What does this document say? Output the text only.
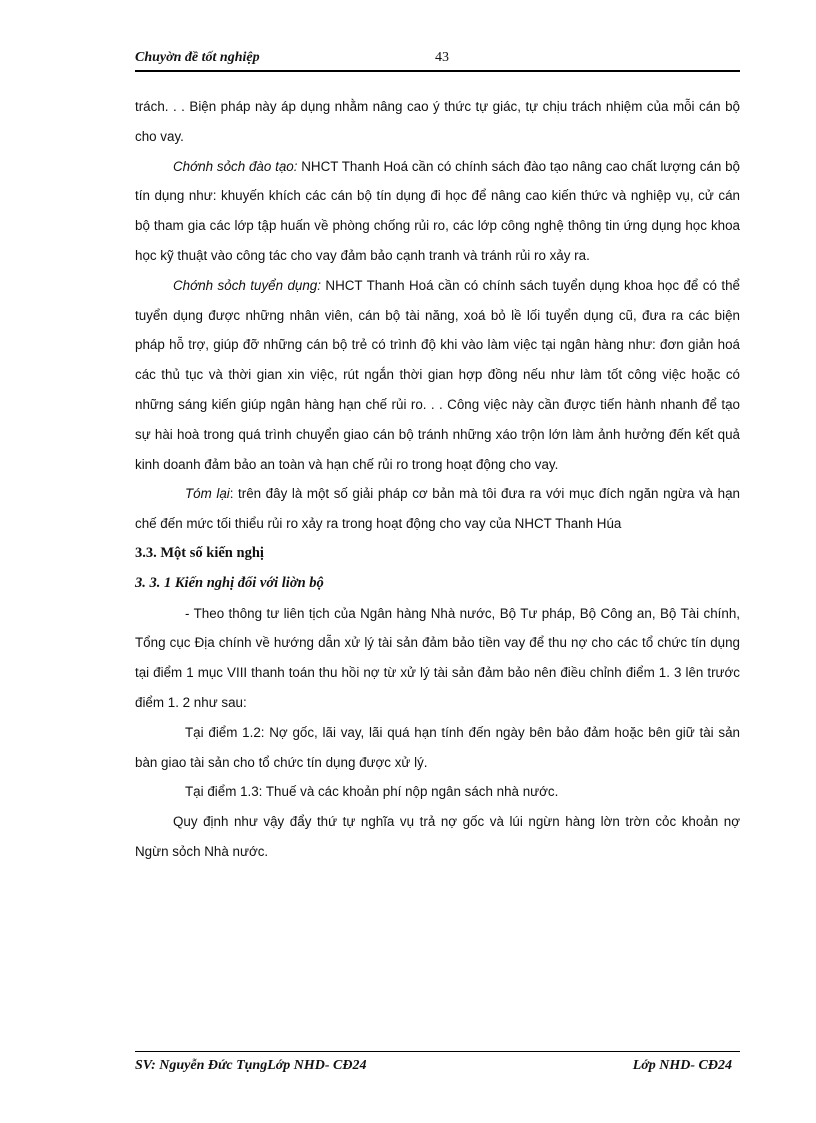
Chuyờn đề tốt nghiệp	43

trách. . . Biện pháp này áp dụng nhằm nâng cao ý thức tự giác, tự chịu trách nhiệm của mỗi cán bộ cho vay.

Chớnh sỏch đào tạo: NHCT Thanh Hoá cần có chính sách đào tạo nâng cao chất lượng cán bộ tín dụng như: khuyến khích các cán bộ tín dụng đi học để nâng cao kiến thức và nghiệp vụ, cử cán bộ tham gia các lớp tập huấn về phòng chống rủi ro, các lớp công nghệ thông tin ứng dụng học khoa học kỹ thuật vào công tác cho vay đảm bảo cạnh tranh và tránh rủi ro xảy ra.

Chớnh sỏch tuyển dụng: NHCT Thanh Hoá cần có chính sách tuyển dụng khoa học để có thể tuyển dụng được những nhân viên, cán bộ tài năng, xoá bỏ lề lối tuyển dụng cũ, đưa ra các biện pháp hỗ trợ, giúp đỡ những cán bộ trẻ có trình độ khi vào làm việc tại ngân hàng như: đơn giản hoá các thủ tục và thời gian xin việc, rút ngắn thời gian hợp đồng nếu như làm tốt công việc hoặc có những sáng kiến giúp ngân hàng hạn chế rủi ro. . . Công việc này cần được tiến hành nhanh để tạo sự hài hoà trong quá trình chuyển giao cán bộ tránh những xáo trộn lớn làm ảnh hưởng đến kết quả kinh doanh đảm bảo an toàn và hạn chế rủi ro trong hoạt động cho vay.

Tóm lại: trên đây là một số giải pháp cơ bản mà tôi đưa ra với mục đích ngăn ngừa và hạn chế đến mức tối thiểu rủi ro xảy ra trong hoạt động cho vay của NHCT Thanh Húa

3.3. Một số kiến nghị
3. 3. 1 Kiến nghị đối với liờn bộ

- Theo thông tư liên tịch của Ngân hàng Nhà nước, Bộ Tư pháp, Bộ Công an, Bộ Tài chính, Tổng cục Địa chính về hướng dẫn xử lý tài sản đảm bảo tiền vay để thu nợ cho các tổ chức tín dụng tại điểm 1 mục VIII thanh toán thu hồi nợ từ xử lý tài sản đảm bảo nên điều chỉnh điểm 1. 3 lên trước điểm 1. 2 như sau:

Tại điểm 1.2: Nợ gốc, lãi vay, lãi quá hạn tính đến ngày bên bảo đảm hoặc bên giữ tài sản bàn giao tài sản cho tổ chức tín dụng được xử lý.

Tại điểm 1.3: Thuế và các khoản phí nộp ngân sách nhà nước.

Quy định như vậy đẩy thứ tự nghĩa vụ trả nợ gốc và lúi ngừn hàng lờn trờn cỏc khoản nợ Ngừn sỏch Nhà nước.

SV: Nguyễn Đức TụngLớp NHD- CĐ24	Lớp NHD- CĐ24
